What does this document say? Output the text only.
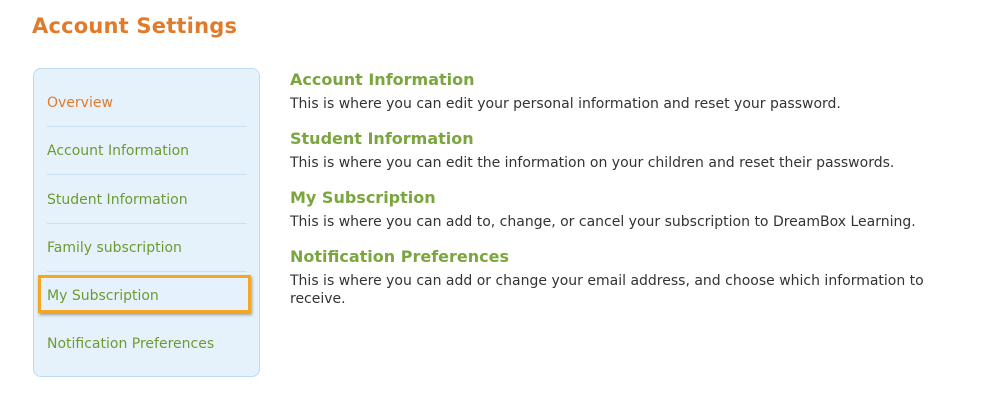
Account Settings
Overview
Account Information
Student Information
Family subscription
My Subscription
Notification Preferences
Account Information
This is where you can edit your personal information and reset your password.
Student Information
This is where you can edit the information on your children and reset their passwords.
My Subscription
This is where you can add to, change, or cancel your subscription to DreamBox Learning.
Notification Preferences
This is where you can add or change your email address, and choose which information to receive.
